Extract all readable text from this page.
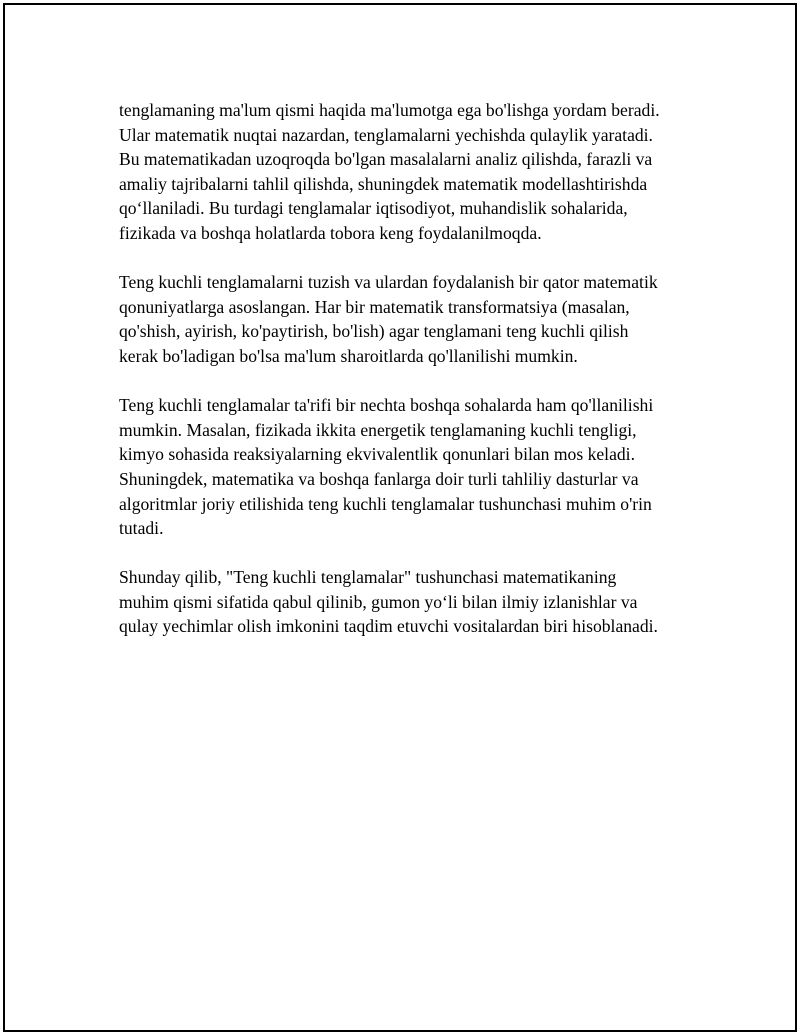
tenglamaning ma'lum qismi haqida ma'lumotga ega bo'lishga yordam beradi.
Ular matematik nuqtai nazardan, tenglamalarni yechishda qulaylik yaratadi.
Bu matematikadan uzoqroqda bo'lgan masalalarni analiz qilishda, farazli va
amaliy tajribalarni tahlil qilishda, shuningdek matematik modellashtirishda
qo‘llaniladi. Bu turdagi tenglamalar iqtisodiyot, muhandislik sohalarida,
fizikada va boshqa holatlarda tobora keng foydalanilmoqda.

Teng kuchli tenglamalarni tuzish va ulardan foydalanish bir qator matematik
qonuniyatlarga asoslangan. Har bir matematik transformatsiya (masalan,
qo'shish, ayirish, ko'paytirish, bo'lish) agar tenglamani teng kuchli qilish
kerak bo'ladigan bo'lsa ma'lum sharoitlarda qo'llanilishi mumkin.

Teng kuchli tenglamalar ta'rifi bir nechta boshqa sohalarda ham qo'llanilishi
mumkin. Masalan, fizikada ikkita energetik tenglamaning kuchli tengligi,
kimyo sohasida reaksiyalarning ekvivalentlik qonunlari bilan mos keladi.
Shuningdek, matematika va boshqa fanlarga doir turli tahliliy dasturlar va
algoritmlar joriy etilishida teng kuchli tenglamalar tushunchasi muhim o'rin
tutadi.

Shunday qilib, "Teng kuchli tenglamalar" tushunchasi matematikaning
muhim qismi sifatida qabul qilinib, gumon yo‘li bilan ilmiy izlanishlar va
qulay yechimlar olish imkonini taqdim etuvchi vositalardan biri hisoblanadi.
